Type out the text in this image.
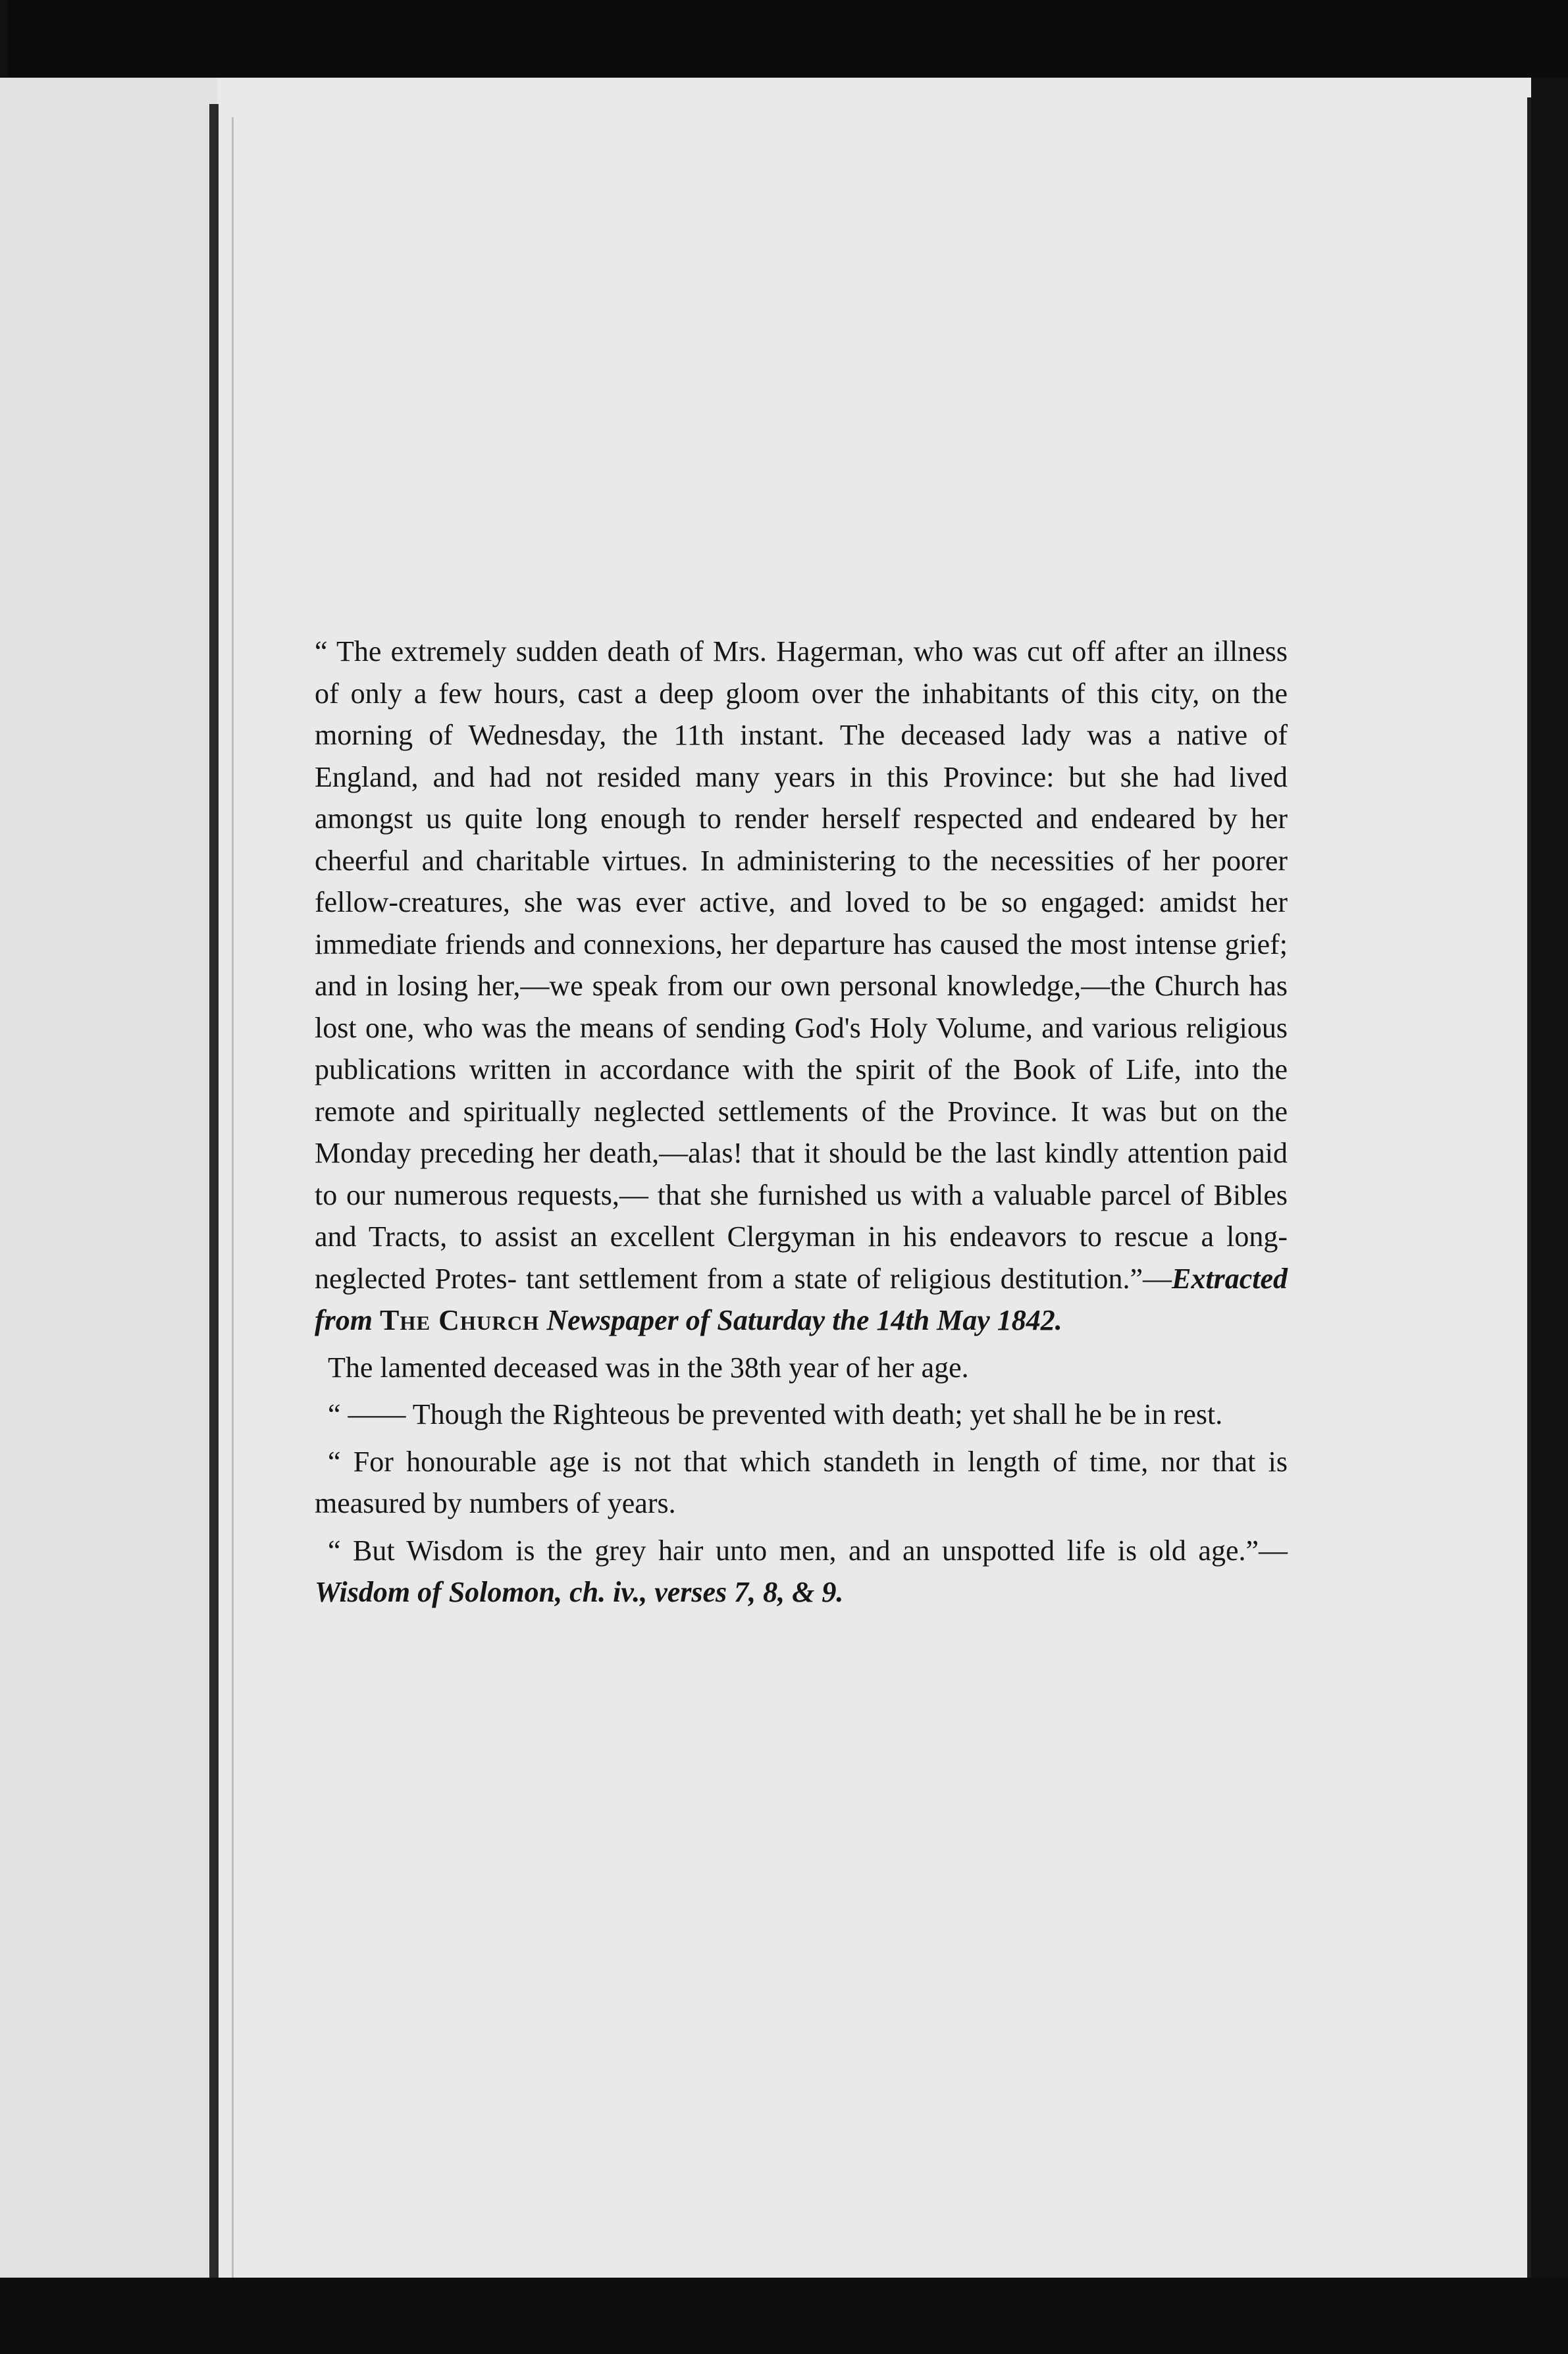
“ The extremely sudden death of Mrs. Hagerman, who was cut off after an illness of only a few hours, cast a deep gloom over the inhabitants of this city, on the morning of Wednesday, the 11th instant. The deceased lady was a native of England, and had not resided many years in this Province: but she had lived amongst us quite long enough to render herself respected and endeared by her cheerful and charitable virtues. In administering to the necessities of her poorer fellow-creatures, she was ever active, and loved to be so engaged: amidst her immediate friends and connexions, her departure has caused the most intense grief; and in losing her,—we speak from our own personal knowledge,—the Church has lost one, who was the means of sending God's Holy Volume, and various religious publications written in accordance with the spirit of the Book of Life, into the remote and spiritually neglected settlements of the Province. It was but on the Monday preceding her death,—alas! that it should be the last kindly attention paid to our numerous requests,— that she furnished us with a valuable parcel of Bibles and Tracts, to assist an excellent Clergyman in his endeavors to rescue a long-neglected Protes- tant settlement from a state of religious destitution.”—Extracted from The Church Newspaper of Saturday the 14th May 1842.

The lamented deceased was in the 38th year of her age.

“ —— Though the Righteous be prevented with death; yet shall he be in rest.

“ For honourable age is not that which standeth in length of time, nor that is measured by numbers of years.

“ But Wisdom is the grey hair unto men, and an unspotted life is old age.”—Wisdom of Solomon, ch. iv., verses 7, 8, & 9.
